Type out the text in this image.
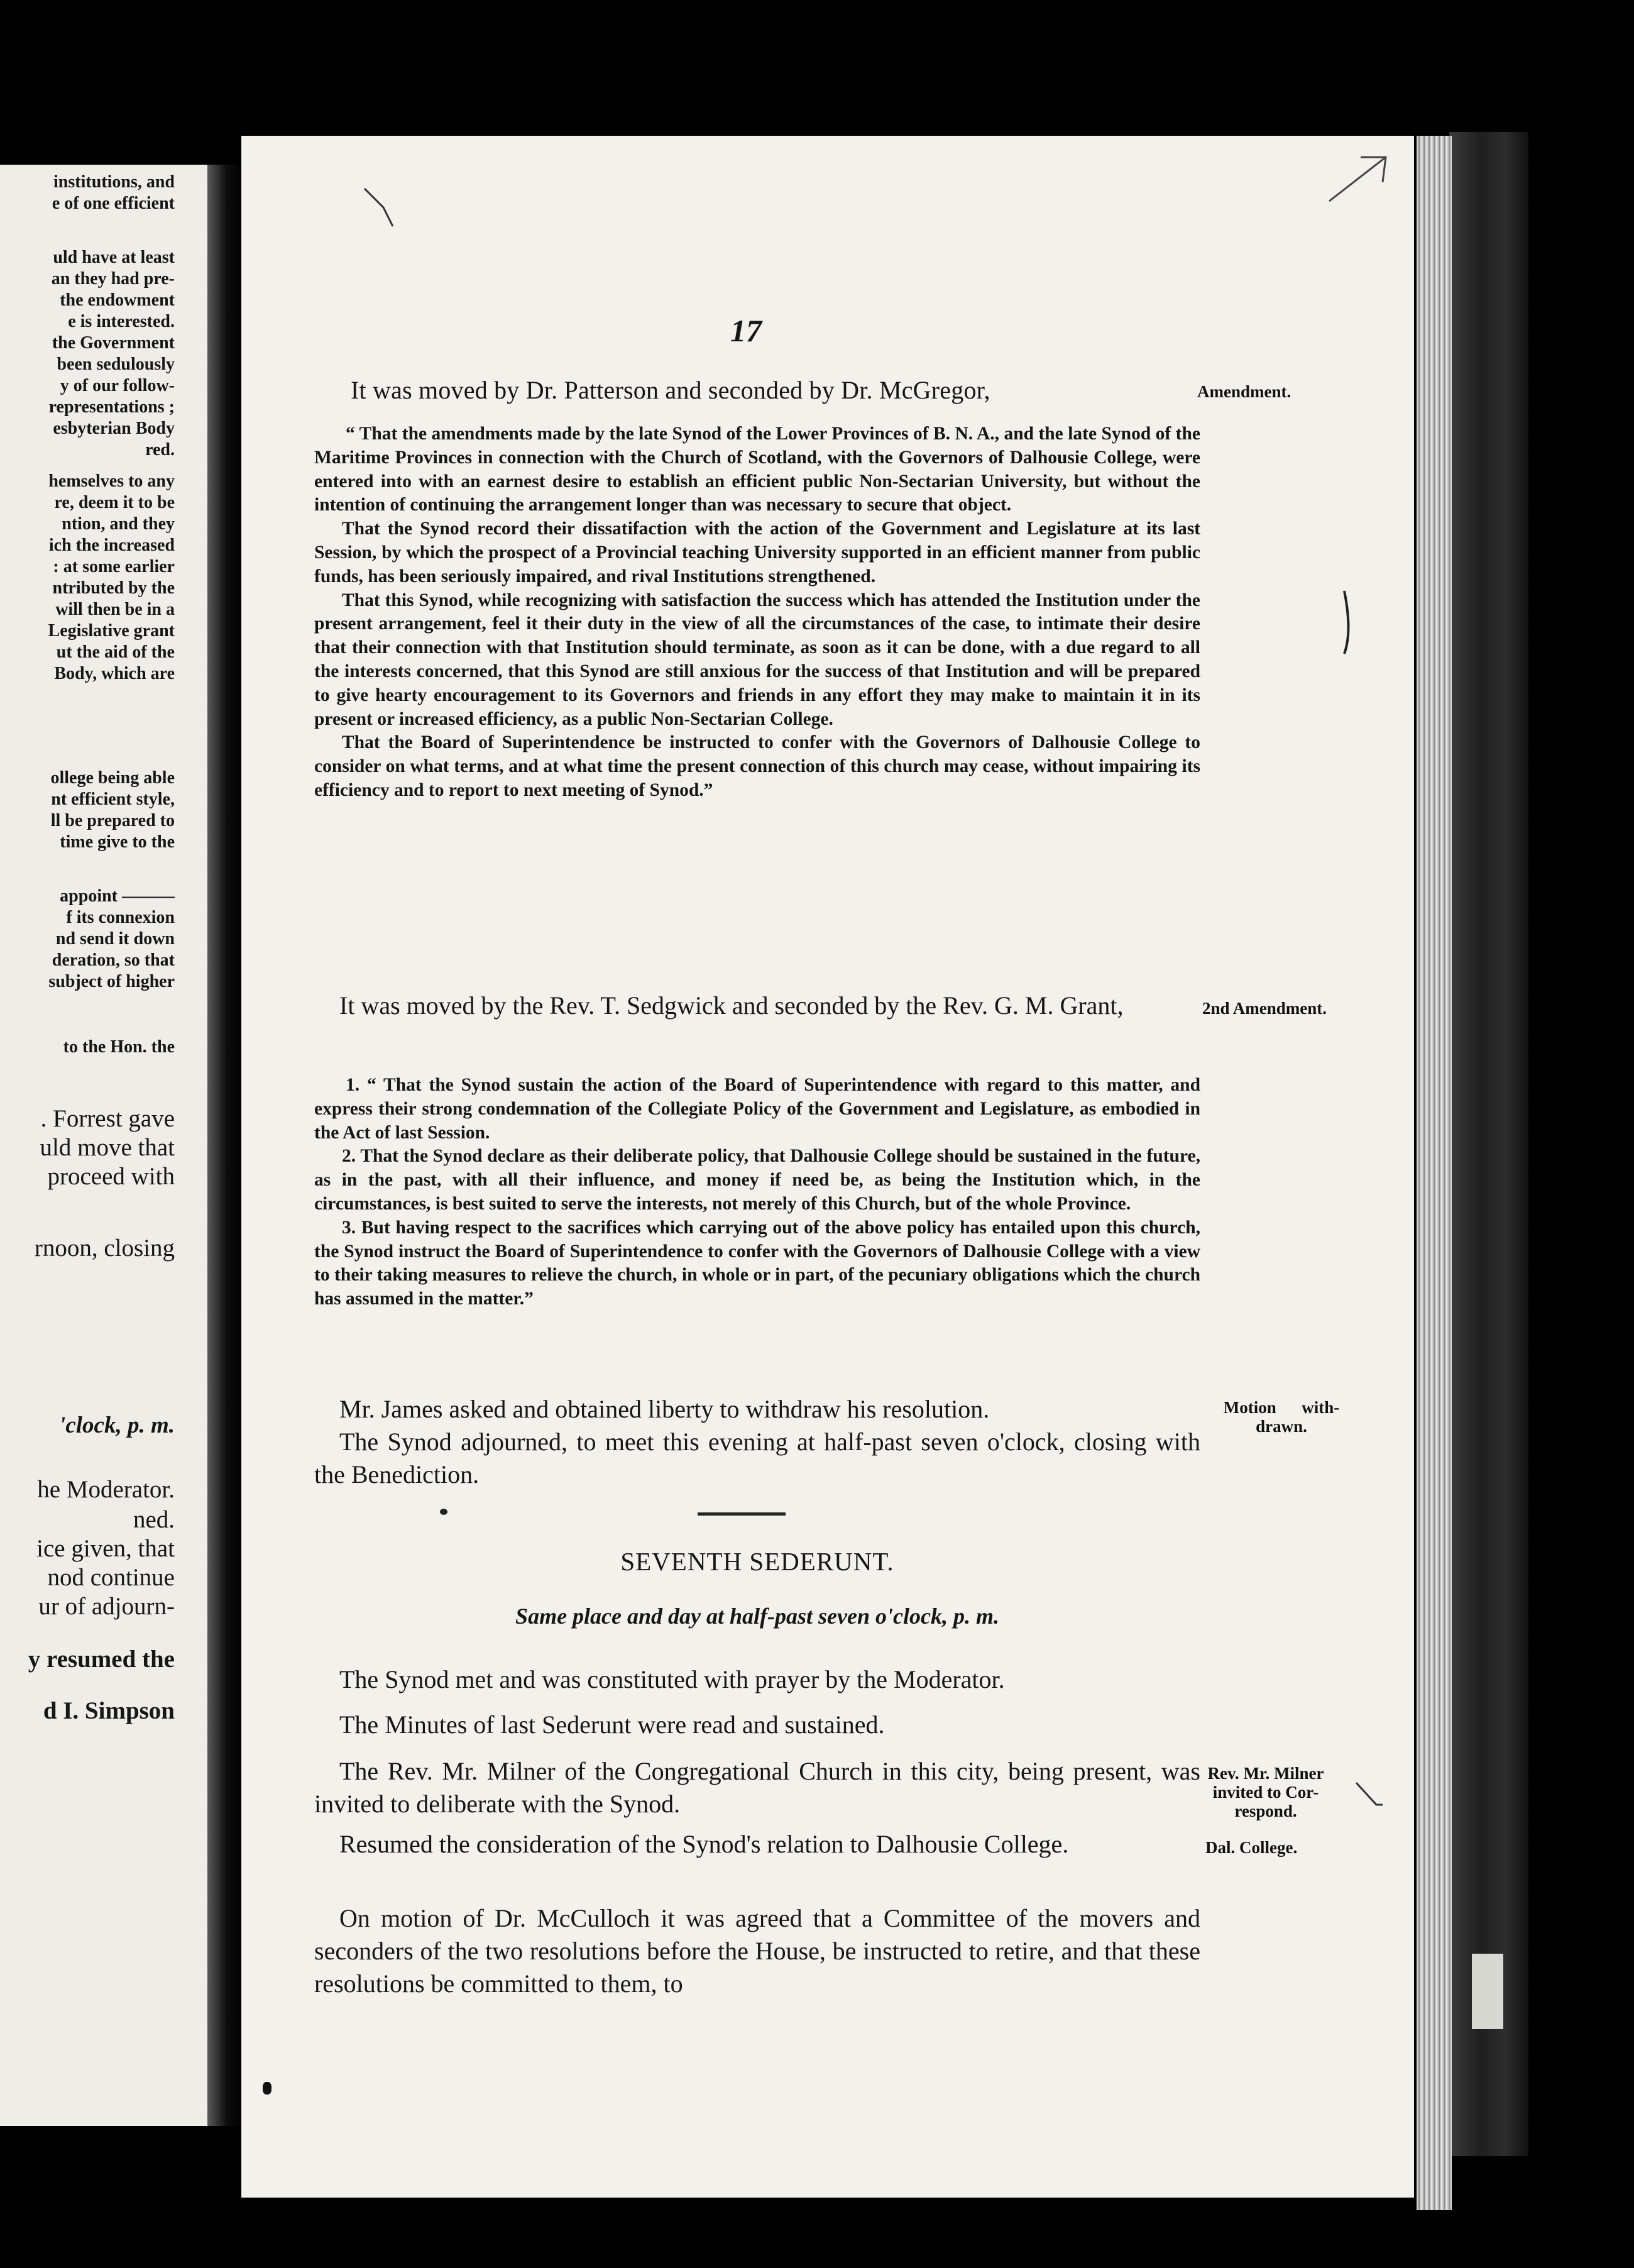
institutions, and
e of one efficient
uld have at least
an they had pre-
the endowment
e is interested.
the Government
been sedulously
y of our follow-
representations ;
esbyterian Body
red.
hemselves to any
re, deem it to be
ntion, and they
ich the increased
: at some earlier
ntributed by the
will then be in a
Legislative grant
ut the aid of the
Body, which are
ollege being able
nt efficient style,
ll be prepared to
time give to the
appoint ———
f its connexion
nd send it down
deration, so that
subject of higher
to the Hon. the
. Forrest gave
uld move that
proceed with
rnoon, closing
'clock, p. m.
he Moderator.
ned.
ice given, that
nod continue
ur of adjourn-
y resumed the
d I. Simpson
17
It was moved by Dr. Patterson and seconded by Dr. McGregor,	Amendment.

“ That the amendments made by the late Synod of the Lower Provinces of B. N. A., and the late Synod of the Maritime Provinces in connection with the Church of Scotland, with the Governors of Dalhousie College, were entered into with an earnest desire to establish an efficient public Non-Sectarian University, but without the intention of continuing the arrangement longer than was necessary to secure that object.

That the Synod record their dissatifaction with the action of the Government and Legislature at its last Session, by which the prospect of a Provincial teaching University supported in an efficient manner from public funds, has been seriously impaired, and rival Institutions strengthened.

That this Synod, while recognizing with satisfaction the success which has attended the Institution under the present arrangement, feel it their duty in the view of all the circumstances of the case, to intimate their desire that their connection with that Institution should terminate, as soon as it can be done, with a due regard to all the interests concerned, that this Synod are still anxious for the success of that Institution and will be prepared to give hearty encouragement to its Governors and friends in any effort they may make to maintain it in its present or increased efficiency, as a public Non-Sectarian College.

That the Board of Superintendence be instructed to confer with the Governors of Dalhousie College to consider on what terms, and at what time the present connection of this church may cease, without impairing its efficiency and to report to next meeting of Synod.”

It was moved by the Rev. T. Sedgwick and seconded by the Rev. G. M. Grant,	2nd Amendment.

1. “ That the Synod sustain the action of the Board of Superintendence with regard to this matter, and express their strong condemnation of the Collegiate Policy of the Government and Legislature, as embodied in the Act of last Session.

2. That the Synod declare as their deliberate policy, that Dalhousie College should be sustained in the future, as in the past, with all their influence, and money if need be, as being the Institution which, in the circumstances, is best suited to serve the interests, not merely of this Church, but of the whole Province.

3. But having respect to the sacrifices which carrying out of the above policy has entailed upon this church, the Synod instruct the Board of Superintendence to confer with the Governors of Dalhousie College with a view to their taking measures to relieve the church, in whole or in part, of the pecuniary obligations which the church has assumed in the matter.”

Mr. James asked and obtained liberty to withdraw his resolution.
The Synod adjourned, to meet this evening at half-past seven o'clock, closing with the Benediction.
Motion      with-
drawn.
SEVENTH SEDERUNT.
Same place and day at half-past seven o'clock, p. m.
The Synod met and was constituted with prayer by the Moderator.
The Minutes of last Sederunt were read and sustained.
The Rev. Mr. Milner of the Congregational Church in this city, being present, was invited to deliberate with the Synod.
Rev. Mr. Milner
invited to Cor-
respond.
Resumed the consideration of the Synod's relation to Dalhousie College.	Dal. College.
On motion of Dr. McCulloch it was agreed that a Committee of the movers and seconders of the two resolutions before the House, be instructed to retire, and that these resolutions be committed to them, to
